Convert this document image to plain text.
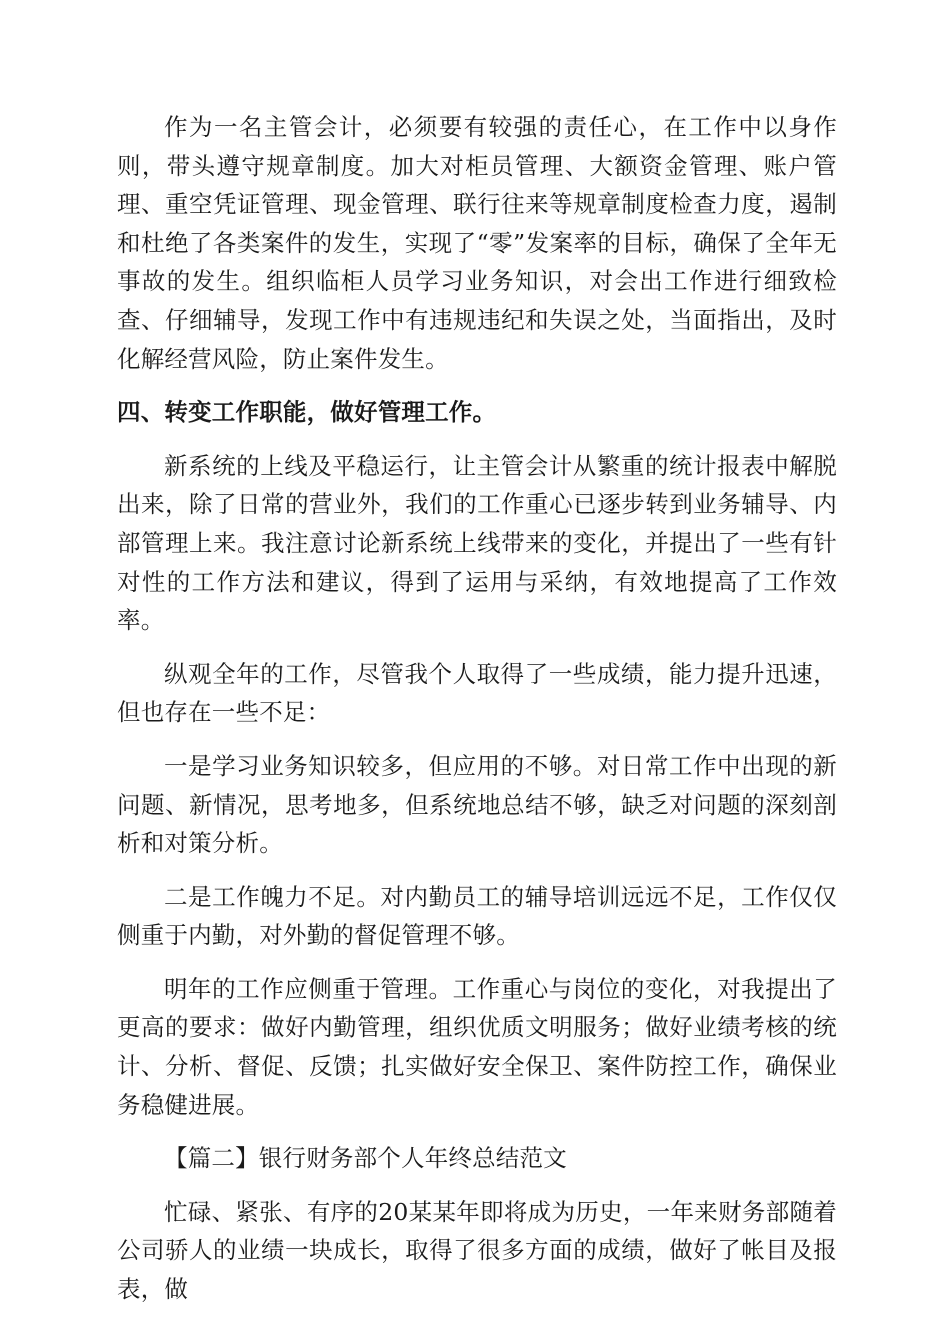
作为一名主管会计，必须要有较强的责任心，在工作中以身作则，带头遵守规章制度。加大对柜员管理、大额资金管理、账户管理、重空凭证管理、现金管理、联行往来等规章制度检查力度，遏制和杜绝了各类案件的发生，实现了“零”发案率的目标，确保了全年无事故的发生。组织临柜人员学习业务知识，对会出工作进行细致检查、仔细辅导，发现工作中有违规违纪和失误之处，当面指出，及时化解经营风险，防止案件发生。

四、转变工作职能，做好管理工作。

新系统的上线及平稳运行，让主管会计从繁重的统计报表中解脱出来，除了日常的营业外，我们的工作重心已逐步转到业务辅导、内部管理上来。我注意讨论新系统上线带来的变化，并提出了一些有针对性的工作方法和建议，得到了运用与采纳，有效地提高了工作效率。

纵观全年的工作，尽管我个人取得了一些成绩，能力提升迅速，但也存在一些不足：

一是学习业务知识较多，但应用的不够。对日常工作中出现的新问题、新情况，思考地多，但系统地总结不够，缺乏对问题的深刻剖析和对策分析。

二是工作魄力不足。对内勤员工的辅导培训远远不足，工作仅仅侧重于内勤，对外勤的督促管理不够。

明年的工作应侧重于管理。工作重心与岗位的变化，对我提出了更高的要求：做好内勤管理，组织优质文明服务；做好业绩考核的统计、分析、督促、反馈；扎实做好安全保卫、案件防控工作，确保业务稳健进展。

【篇二】银行财务部个人年终总结范文

忙碌、紧张、有序的20某某年即将成为历史，一年来财务部随着公司骄人的业绩一块成长，取得了很多方面的成绩，做好了帐目及报表，做
